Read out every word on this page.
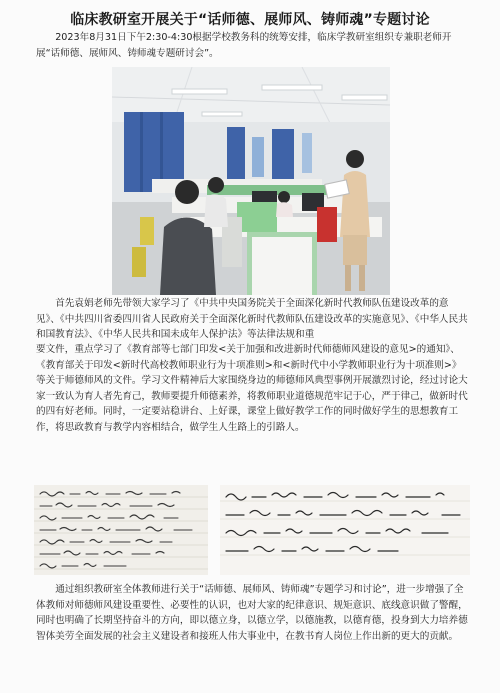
临床教研室开展关于“话师德、展师风、铸师魂”专题讨论
2023年8月31日下午2:30-4:30根据学校教务科的统筹安排，临床学教研室组织专兼职老师开展“话师德、展师风、铸师魂专题研讨会”。
首先袁娟老师先带领大家学习了《中共中央国务院关于全面深化新时代教师队伍建设改革的意见》、《中共四川省委四川省人民政府关于全面深化新时代教师队伍建设改革的实施意见》、《中华人民共和国教育法》、《中华人民共和国未成年人保护法》等法律法规和重
要文件，重点学习了《教育部等七部门印发<关于加强和改进新时代师德师风建设的意见>的通知》、《教育部关于印发<新时代高校教师职业行为十项准则>和<新时代中小学教师职业行为十项准则>》等关于师德师风的文件。学习文件精神后大家围绕身边的师德师风典型事例开展激烈讨论，经过讨论大家一致认为育人者先育己，教师要提升师德素养，将教师职业道德规范牢记于心，严于律己，做新时代的四有好老师。同时，一定要站稳讲台、上好课，课堂上做好教学工作的同时做好学生的思想教育工作，将思政教育与教学内容相结合，做学生人生路上的引路人。
通过组织教研室全体教师进行关于“话师德、展师风、铸师魂”专题学习和讨论”，进一步增强了全体教师对师德师风建设重要性、必要性的认识，也对大家的纪律意识、规矩意识、底线意识做了警醒，同时也明确了长期坚持奋斗的方向，即以德立身，以德立学，以德施教，以德育德，投身到大力培养德智体美劳全面发展的社会主义建设者和接班人伟大事业中，在教书育人岗位上作出新的更大的贡献。
